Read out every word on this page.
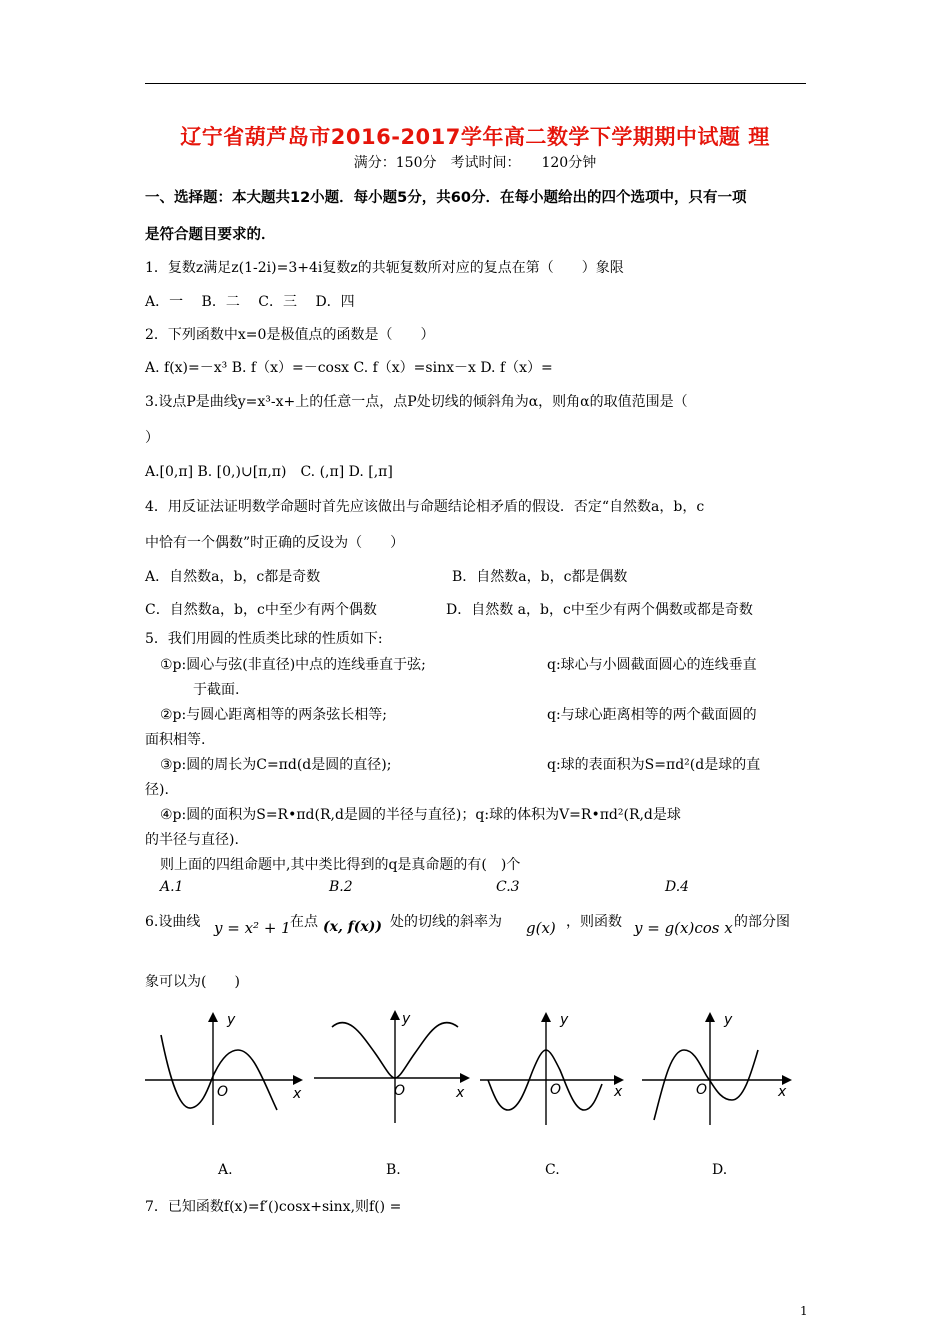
辽宁省葫芦岛市2016-2017学年高二数学下学期期中试题 理
满分：150分　考试时间：　　120分钟
一、选择题：本大题共12小题．每小题5分，共60分．在每小题给出的四个选项中，只有一项
是符合题目要求的．
1．复数z满足z(1-2i)=3+4i复数z的共轭复数所对应的复点在第（　　）象限
A．一　 B．二　 C．三　 D．四
2．下列函数中x=0是极值点的函数是（　　）
A. f(x)=－x³ B. f（x）=－cosx C. f（x）=sinx－x D. f（x）=
3.设点P是曲线y=x³-x+上的任意一点，点P处切线的倾斜角为α，则角α的取值范围是（
）
A.[0,π] B. [0,)∪[π,π)　C. (,π] D. [,π]
4．用反证法证明数学命题时首先应该做出与命题结论相矛盾的假设．否定“自然数a，b，c
中恰有一个偶数”时正确的反设为（　　）
A．自然数a，b，c都是奇数	B．自然数a，b，c都是偶数
C．自然数a，b，c中至少有两个偶数	D．自然数 a，b，c中至少有两个偶数或都是奇数
5．我们用圆的性质类比球的性质如下:
①p:圆心与弦(非直径)中点的连线垂直于弦;	q:球心与小圆截面圆心的连线垂直
于截面.
②p:与圆心距离相等的两条弦长相等;	q:与球心距离相等的两个截面圆的
面积相等.
③p:圆的周长为C=πd(d是圆的直径);	q:球的表面积为S=πd²(d是球的直
径).
④p:圆的面积为S=R•πd(R,d是圆的半径与直径)；q:球的体积为V=R•πd²(R,d是球
的半径与直径).
则上面的四组命题中,其中类比得到的q是真命题的有(　)个
A.1	B.2	C.3	D.4
6.设曲线 y = x² + 1 在点 (x, f(x)) 处的切线的斜率为 g(x) ，则函数 y = g(x)cos x 的部分图
象可以为(　　)
y
O	x
y
O	x
y
O	x
y
O	x
A.	B.	C.	D.
7．已知函数f(x)=f′()cosx+sinx,则f() =
1
